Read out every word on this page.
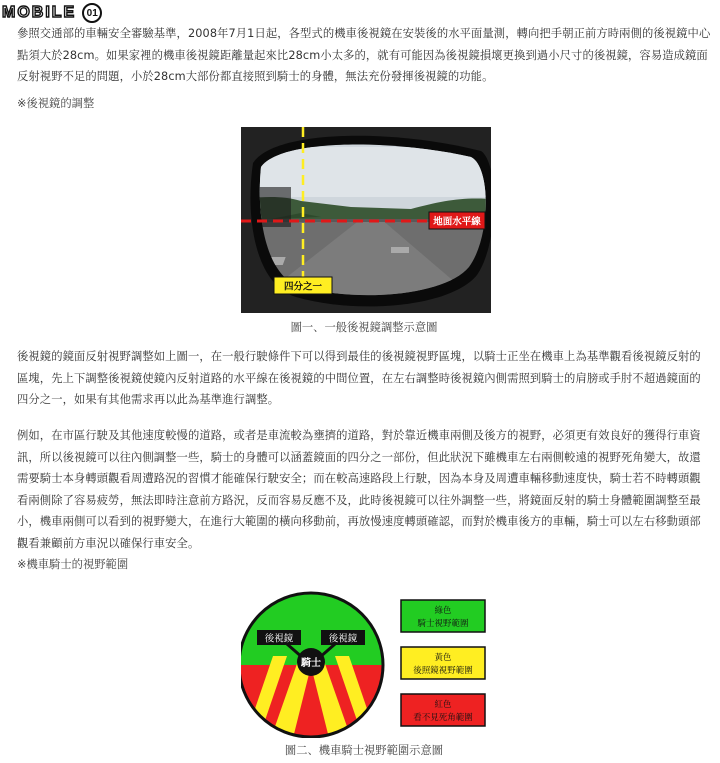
MOBILE	01

參照交通部的車輛安全審驗基準，2008年7月1日起，各型式的機車後視鏡在安裝後的水平面量測，轉向把手朝正前方時兩側的後視鏡中心點須大於28cm。如果家裡的機車後視鏡距離量起來比28cm小太多的，就有可能因為後視鏡損壞更換到過小尺寸的後視鏡，容易造成鏡面反射視野不足的問題，小於28cm大部份都直接照到騎士的身體，無法充份發揮後視鏡的功能。

※後視鏡的調整
地面水平線
四分之一
圖一、一般後視鏡調整示意圖

後視鏡的鏡面反射視野調整如上圖一，在一般行駛條件下可以得到最佳的後視鏡視野區塊，以騎士正坐在機車上為基準觀看後視鏡反射的區塊，先上下調整後視鏡使鏡內反射道路的水平線在後視鏡的中間位置，在左右調整時後視鏡內側需照到騎士的肩膀或手肘不超過鏡面的四分之一，如果有其他需求再以此為基準進行調整。

例如，在市區行駛及其他速度較慢的道路，或者是車流較為壅擠的道路，對於靠近機車兩側及後方的視野，必須更有效良好的獲得行車資訊，所以後視鏡可以往內側調整一些，騎士的身體可以涵蓋鏡面的四分之一部份，但此狀況下雖機車左右兩側較遠的視野死角變大，故還需要騎士本身轉頭觀看周遭路況的習慣才能確保行駛安全；而在較高速路段上行駛，因為本身及周遭車輛移動速度快，騎士若不時轉頭觀看兩側除了容易疲勞，無法即時注意前方路況，反而容易反應不及，此時後視鏡可以往外調整一些，將鏡面反射的騎士身體範圍調整至最小，機車兩側可以看到的視野變大，在進行大範圍的橫向移動前，再放慢速度轉頭確認，而對於機車後方的車輛，騎士可以左右移動頭部觀看兼顧前方車況以確保行車安全。

※機車騎士的視野範圍
後視鏡	後視鏡
騎士
綠色
騎士視野範圍
黃色
後照鏡視野範圍
紅色
看不見死角範圍
圖二、機車騎士視野範圍示意圖
